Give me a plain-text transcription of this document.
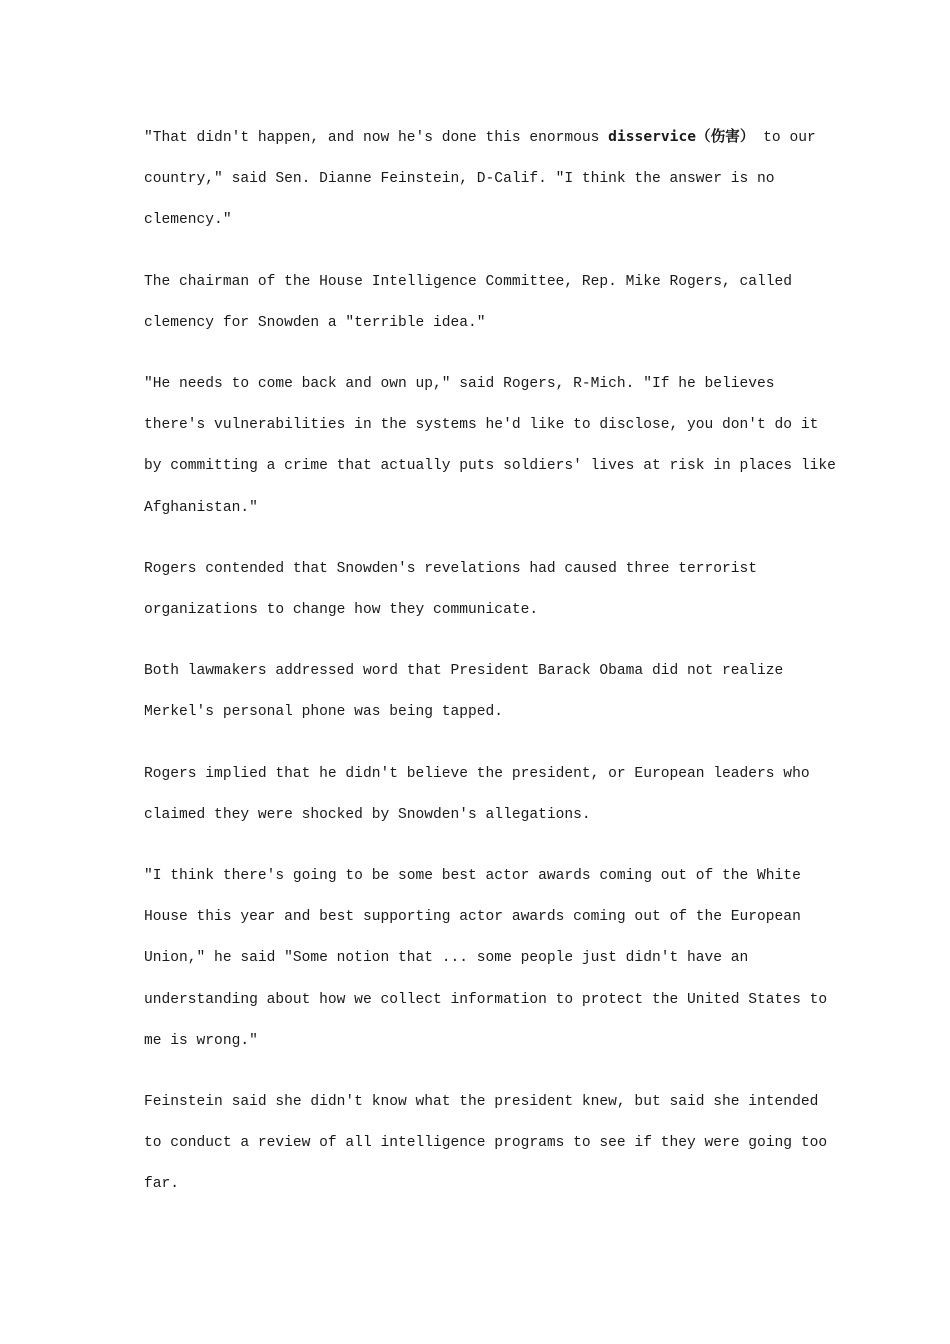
"That didn't happen, and now he's done this enormous disservice（伤害） to our
country," said Sen. Dianne Feinstein, D-Calif. "I think the answer is no
clemency."

The chairman of the House Intelligence Committee, Rep. Mike Rogers, called
clemency for Snowden a "terrible idea."

"He needs to come back and own up," said Rogers, R-Mich. "If he believes
there's vulnerabilities in the systems he'd like to disclose, you don't do it
by committing a crime that actually puts soldiers' lives at risk in places like
Afghanistan."

Rogers contended that Snowden's revelations had caused three terrorist
organizations to change how they communicate.

Both lawmakers addressed word that President Barack Obama did not realize
Merkel's personal phone was being tapped.

Rogers implied that he didn't believe the president, or European leaders who
claimed they were shocked by Snowden's allegations.

"I think there's going to be some best actor awards coming out of the White
House this year and best supporting actor awards coming out of the European
Union," he said "Some notion that ... some people just didn't have an
understanding about how we collect information to protect the United States to
me is wrong."

Feinstein said she didn't know what the president knew, but said she intended
to conduct a review of all intelligence programs to see if they were going too
far.
